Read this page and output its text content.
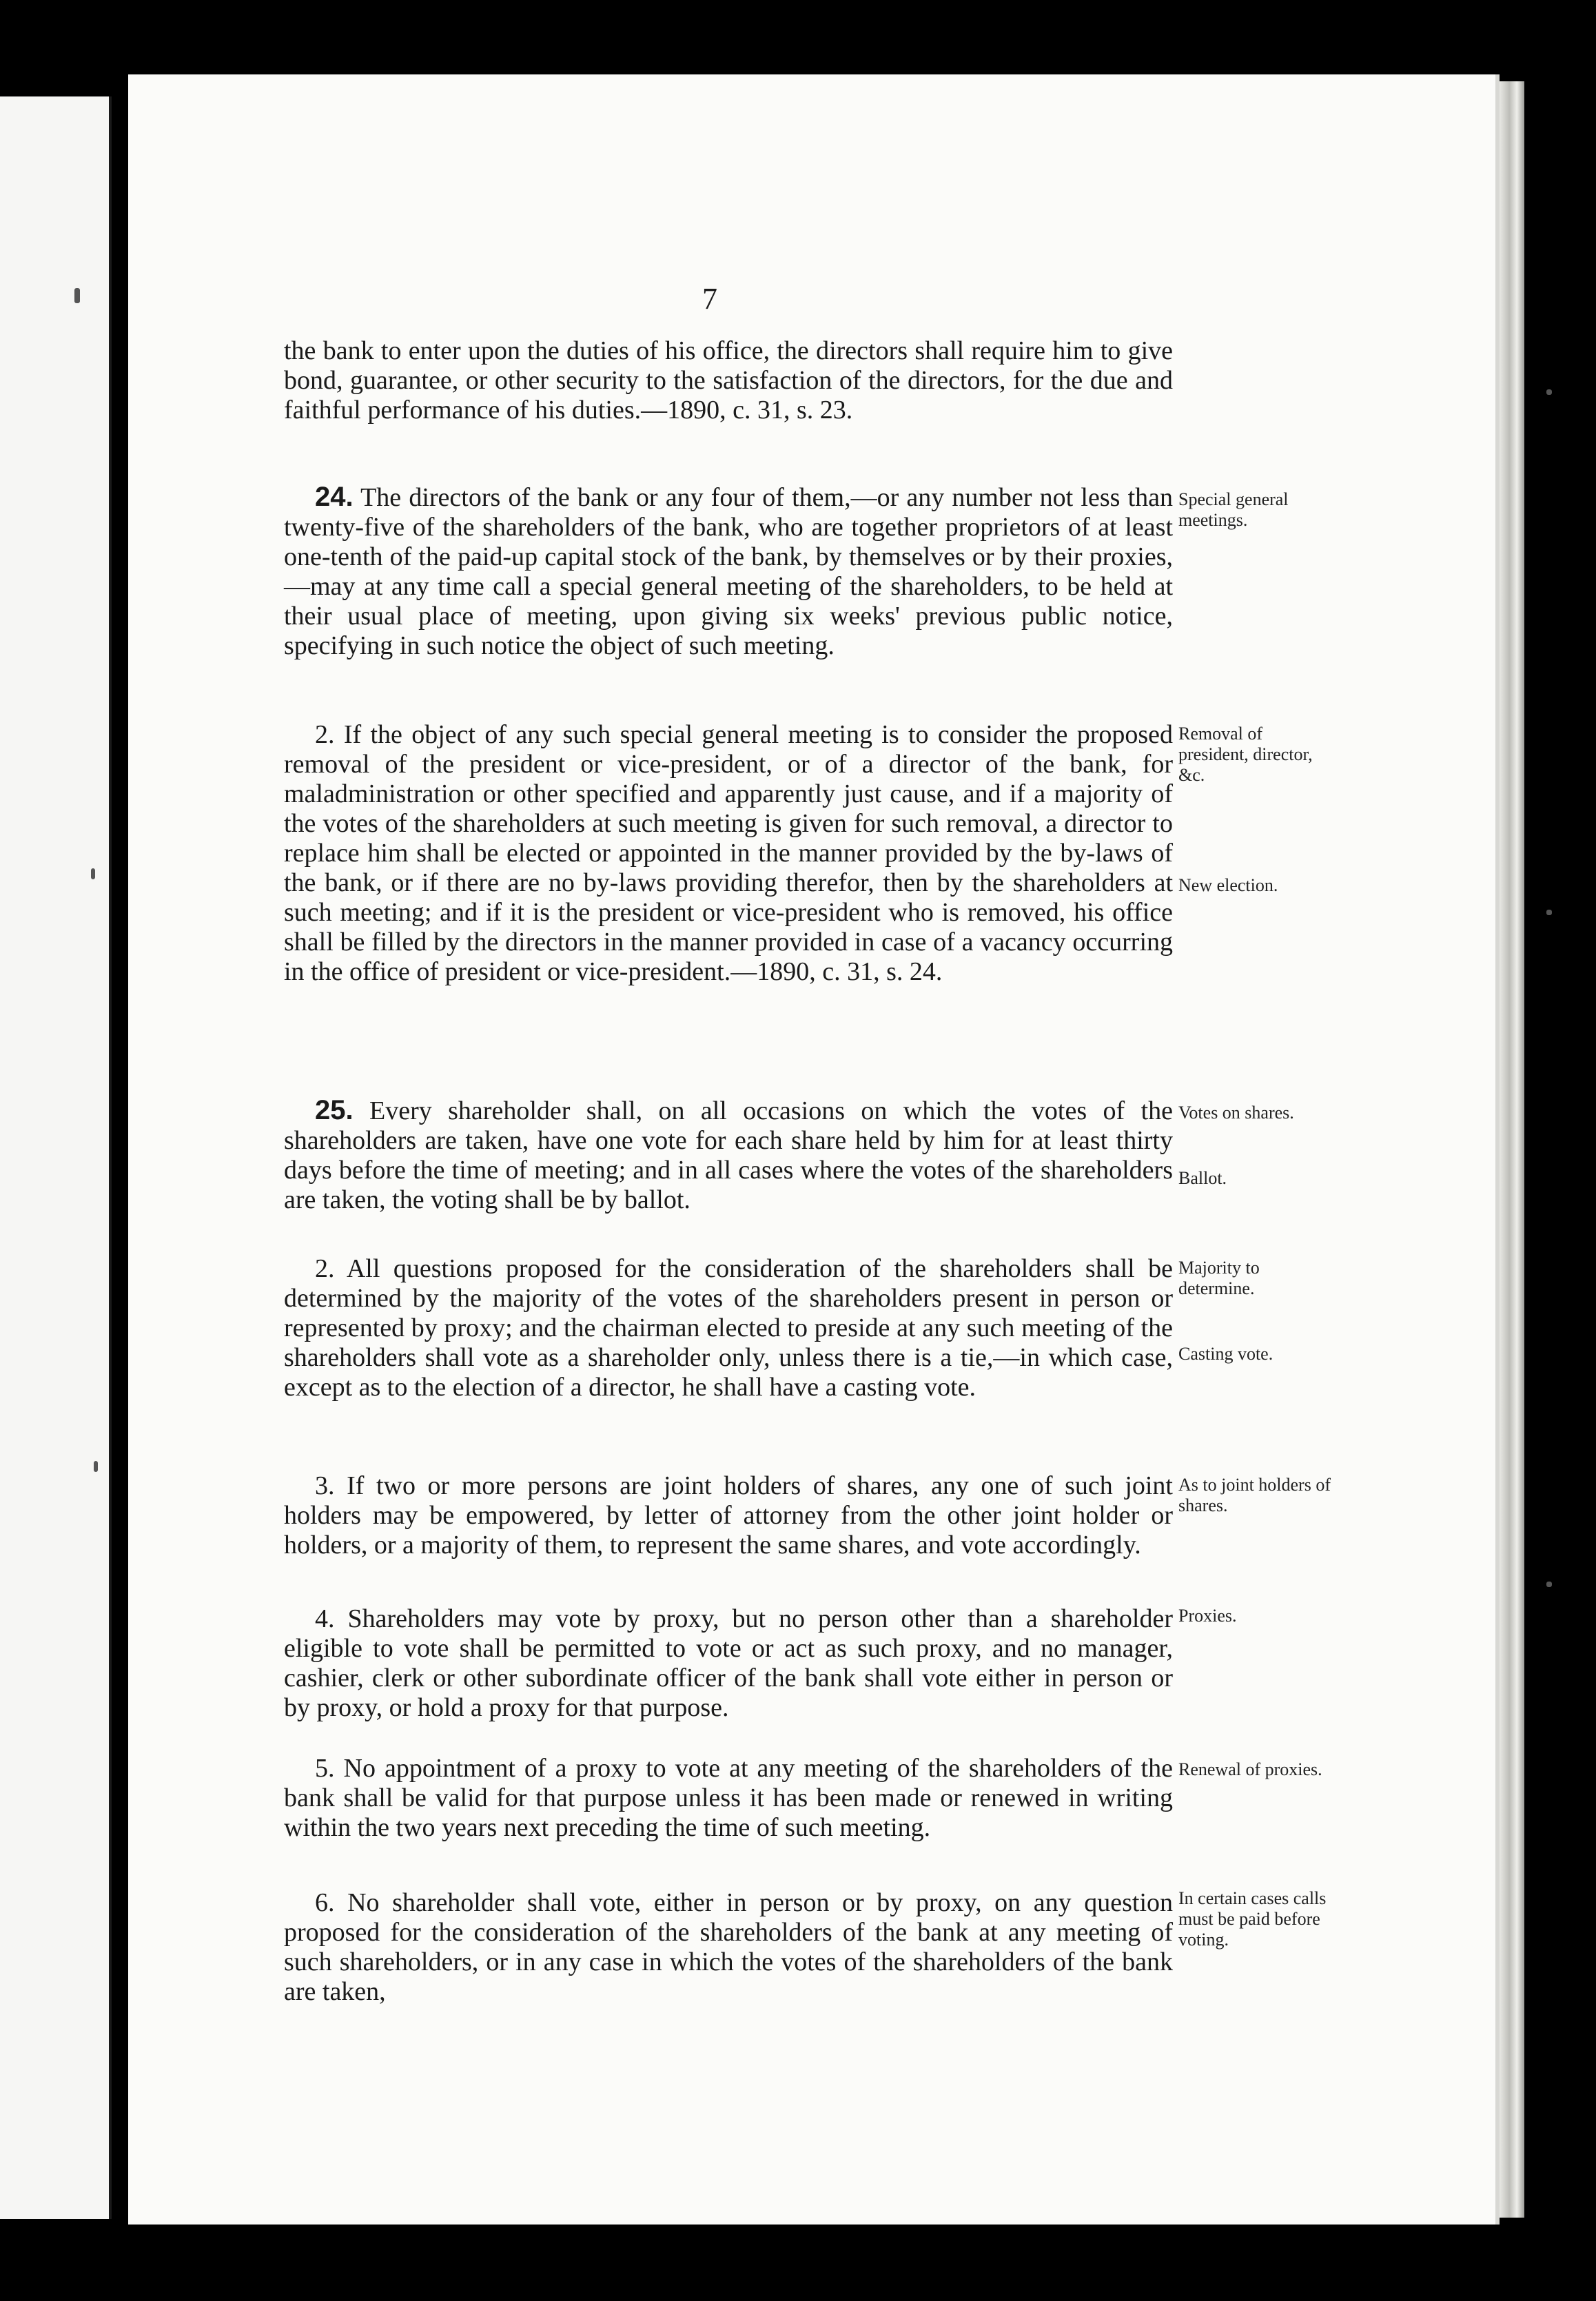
7

the bank to enter upon the duties of his office, the directors shall require him to give bond, guarantee, or other security to the satisfaction of the directors, for the due and faithful performance of his duties.—1890, c. 31, s. 23.

24. The directors of the bank or any four of them,—or any number not less than twenty-five of the shareholders of the bank, who are together proprietors of at least one-tenth of the paid-up capital stock of the bank, by themselves or by their proxies,—may at any time call a special general meeting of the shareholders, to be held at their usual place of meeting, upon giving six weeks' previous public notice, specifying in such notice the object of such meeting.

2. If the object of any such special general meeting is to consider the proposed removal of the president or vice-president, or of a director of the bank, for maladministration or other specified and apparently just cause, and if a majority of the votes of the shareholders at such meeting is given for such removal, a director to replace him shall be elected or appointed in the manner provided by the by-laws of the bank, or if there are no by-laws providing therefor, then by the shareholders at such meeting; and if it is the president or vice-president who is removed, his office shall be filled by the directors in the manner provided in case of a vacancy occurring in the office of president or vice-president.—1890, c. 31, s. 24.

25. Every shareholder shall, on all occasions on which the votes of the shareholders are taken, have one vote for each share held by him for at least thirty days before the time of meeting; and in all cases where the votes of the shareholders are taken, the voting shall be by ballot.

2. All questions proposed for the consideration of the shareholders shall be determined by the majority of the votes of the shareholders present in person or represented by proxy; and the chairman elected to preside at any such meeting of the shareholders shall vote as a shareholder only, unless there is a tie,—in which case, except as to the election of a director, he shall have a casting vote.

3. If two or more persons are joint holders of shares, any one of such joint holders may be empowered, by letter of attorney from the other joint holder or holders, or a majority of them, to represent the same shares, and vote accordingly.

4. Shareholders may vote by proxy, but no person other than a shareholder eligible to vote shall be permitted to vote or act as such proxy, and no manager, cashier, clerk or other subordinate officer of the bank shall vote either in person or by proxy, or hold a proxy for that purpose.

5. No appointment of a proxy to vote at any meeting of the shareholders of the bank shall be valid for that purpose unless it has been made or renewed in writing within the two years next preceding the time of such meeting.

6. No shareholder shall vote, either in person or by proxy, on any question proposed for the consideration of the shareholders of the bank at any meeting of such shareholders, or in any case in which the votes of the shareholders of the bank are taken,

Special general meetings.
Removal of president, director, &c.
New election.
Votes on shares.
Ballot.
Majority to determine.
Casting vote.
As to joint holders of shares.
Proxies.
Renewal of proxies.
In certain cases calls must be paid before voting.
